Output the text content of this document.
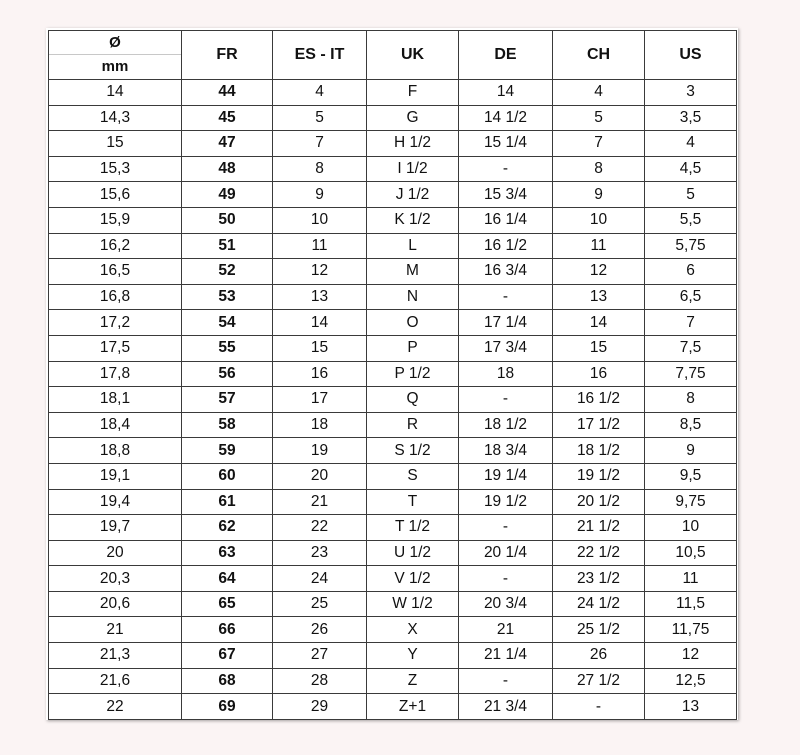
Ø
mm	FR	ES - IT	UK	DE	CH	US
14	44	4	F	14	4	3
14,3	45	5	G	14 1/2	5	3,5
15	47	7	H 1/2	15 1/4	7	4
15,3	48	8	I 1/2	-	8	4,5
15,6	49	9	J 1/2	15 3/4	9	5
15,9	50	10	K 1/2	16 1/4	10	5,5
16,2	51	11	L	16 1/2	11	5,75
16,5	52	12	M	16 3/4	12	6
16,8	53	13	N	-	13	6,5
17,2	54	14	O	17 1/4	14	7
17,5	55	15	P	17 3/4	15	7,5
17,8	56	16	P 1/2	18	16	7,75
18,1	57	17	Q	-	16 1/2	8
18,4	58	18	R	18 1/2	17 1/2	8,5
18,8	59	19	S 1/2	18 3/4	18 1/2	9
19,1	60	20	S	19 1/4	19 1/2	9,5
19,4	61	21	T	19 1/2	20 1/2	9,75
19,7	62	22	T 1/2	-	21 1/2	10
20	63	23	U 1/2	20 1/4	22 1/2	10,5
20,3	64	24	V 1/2	-	23 1/2	11
20,6	65	25	W 1/2	20 3/4	24 1/2	11,5
21	66	26	X	21	25 1/2	11,75
21,3	67	27	Y	21 1/4	26	12
21,6	68	28	Z	-	27 1/2	12,5
22	69	29	Z+1	21 3/4	-	13
